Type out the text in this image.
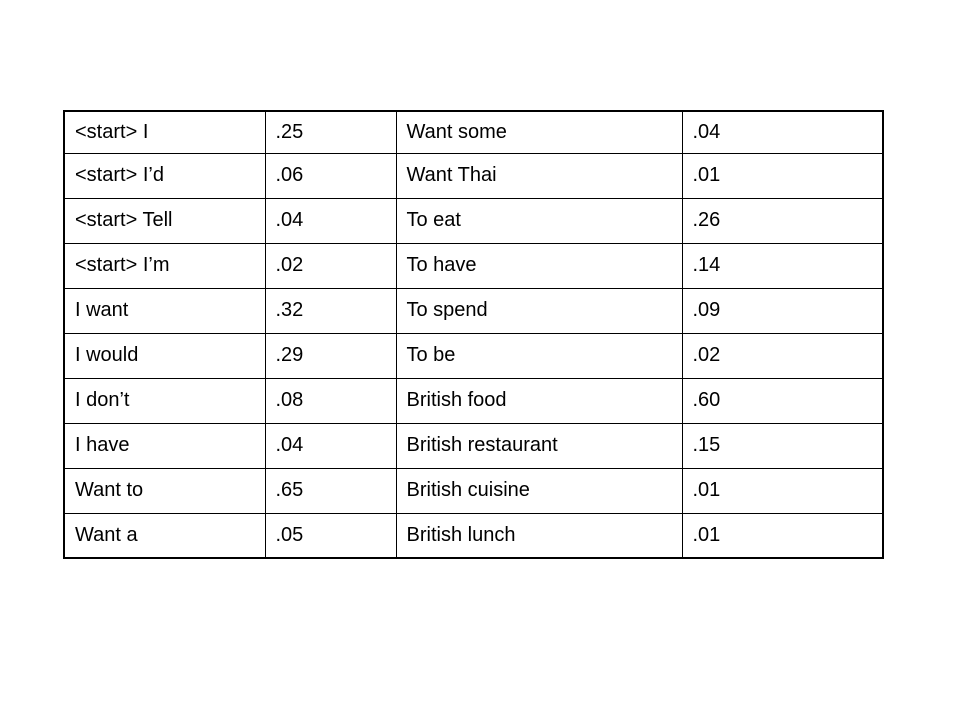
<start> I	.25	Want some	.04
<start> I’d	.06	Want Thai	.01
<start> Tell	.04	To eat	.26
<start> I’m	.02	To have	.14
I want	.32	To spend	.09
I would	.29	To be	.02
I don’t	.08	British food	.60
I have	.04	British restaurant	.15
Want to	.65	British cuisine	.01
Want a	.05	British lunch	.01
